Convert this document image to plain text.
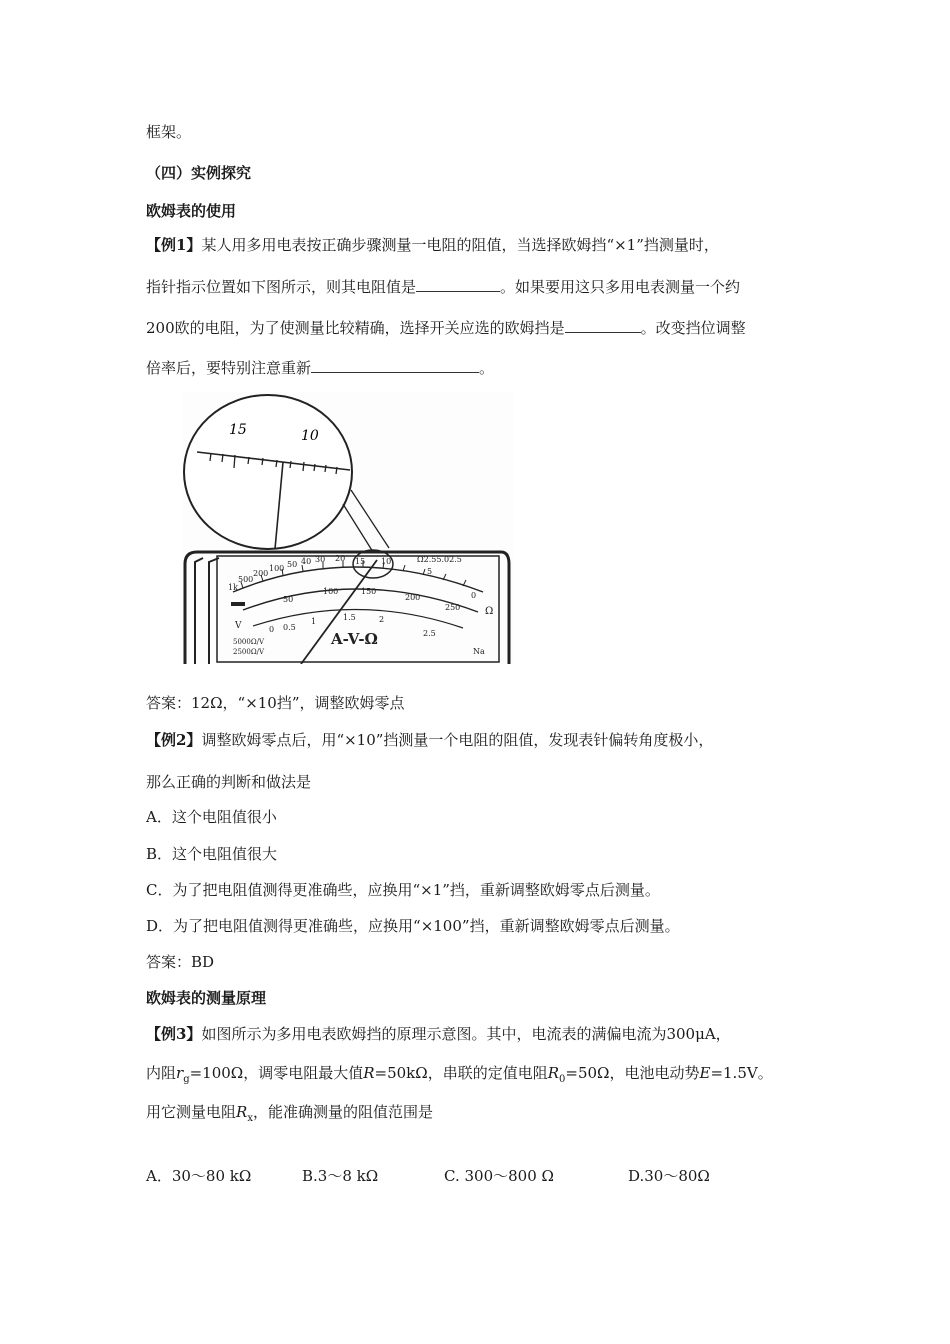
框架。
（四）实例探究
欧姆表的使用
【例1】某人用多用电表按正确步骤测量一电阻的阻值，当选择欧姆挡“×1”挡测量时，
指针指示位置如下图所示，则其电阻值是	。如果要用这只多用电表测量一个约
200欧的电阻，为了使测量比较精确，选择开关应选的欧姆挡是	。改变挡位调整
倍率后，要特别注意重新	。
15	10
1k
500
200
100 50 40 30 20 15 10
5
0
Ω2.55.02.5
Ω
50
100	150
200
250
0 0.5
1	1.5	2
2.5
V
5000Ω/V
2500Ω/V	Na
A-V-Ω
答案：12Ω，“×10挡”，调整欧姆零点
【例2】调整欧姆零点后，用“×10”挡测量一个电阻的阻值，发现表针偏转角度极小，
那么正确的判断和做法是
A．这个电阻值很小
B．这个电阻值很大
C．为了把电阻值测得更准确些，应换用“×1”挡，重新调整欧姆零点后测量。
D．为了把电阻值测得更准确些，应换用“×100”挡，重新调整欧姆零点后测量。
答案：BD
欧姆表的测量原理
【例3】如图所示为多用电表欧姆挡的原理示意图。其中，电流表的满偏电流为300μA，
内阻$r_g=100\Omega$，调零电阻最大值R=50kΩ，串联的定值电阻$R_0=50\Omega$，电池电动势E=1.5V。
用它测量电阻$R_x$，能准确测量的阻值范围是
A．30～80 kΩ	B.3～8 kΩ	C. 300～800 Ω	D.30～80Ω
